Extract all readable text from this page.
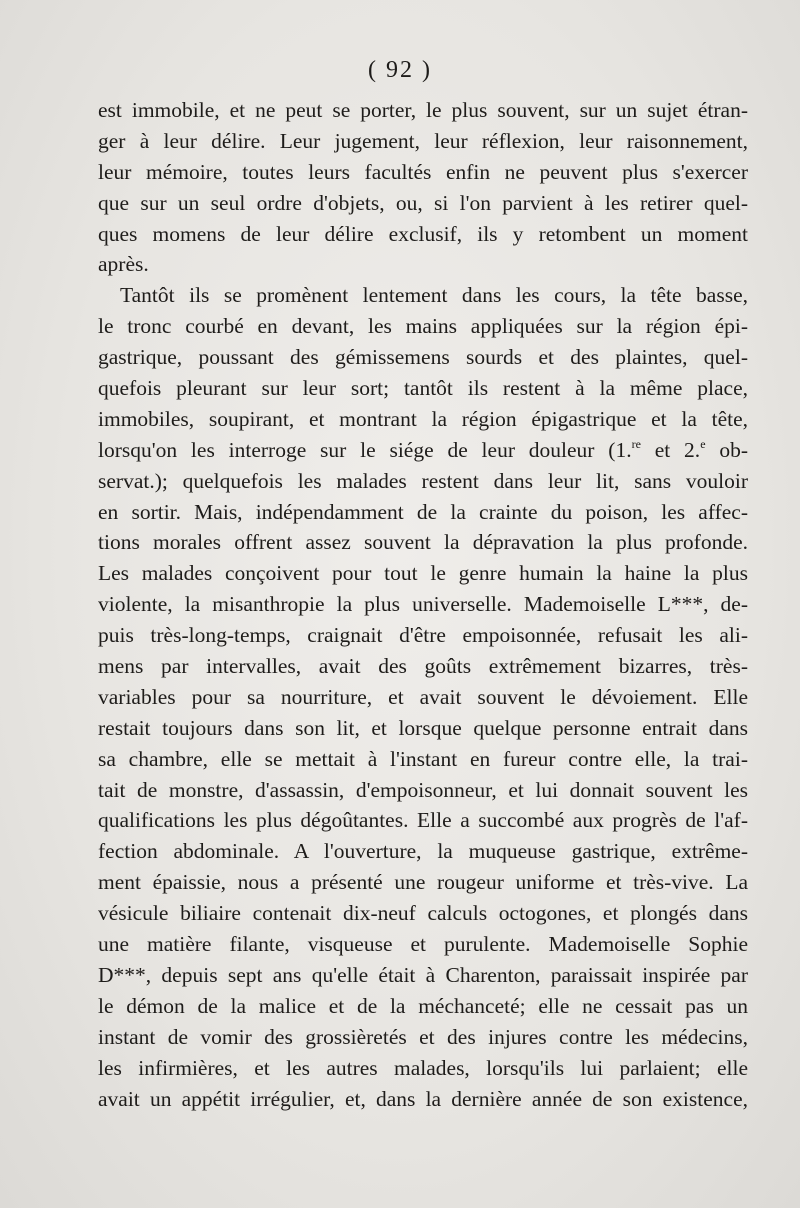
( 92 )
est immobile, et ne peut se porter, le plus souvent, sur un sujet étran-
ger à leur délire. Leur jugement, leur réflexion, leur raisonnement,
leur mémoire, toutes leurs facultés enfin ne peuvent plus s'exercer
que sur un seul ordre d'objets, ou, si l'on parvient à les retirer quel-
ques momens de leur délire exclusif, ils y retombent un moment
après.
Tantôt ils se promènent lentement dans les cours, la tête basse,
le tronc courbé en devant, les mains appliquées sur la région épi-
gastrique, poussant des gémissemens sourds et des plaintes, quel-
quefois pleurant sur leur sort; tantôt ils restent à la même place,
immobiles, soupirant, et montrant la région épigastrique et la tête,
lorsqu'on les interroge sur le siége de leur douleur (1.$^{re}$ et 2.$^e$ ob-
servat.); quelquefois les malades restent dans leur lit, sans vouloir
en sortir. Mais, indépendamment de la crainte du poison, les affec-
tions morales offrent assez souvent la dépravation la plus profonde.
Les malades conçoivent pour tout le genre humain la haine la plus
violente, la misanthropie la plus universelle. Mademoiselle L***, de-
puis très-long-temps, craignait d'être empoisonnée, refusait les ali-
mens par intervalles, avait des goûts extrêmement bizarres, très-
variables pour sa nourriture, et avait souvent le dévoiement. Elle
restait toujours dans son lit, et lorsque quelque personne entrait dans
sa chambre, elle se mettait à l'instant en fureur contre elle, la trai-
tait de monstre, d'assassin, d'empoisonneur, et lui donnait souvent les
qualifications les plus dégoûtantes. Elle a succombé aux progrès de l'af-
fection abdominale. A l'ouverture, la muqueuse gastrique, extrême-
ment épaissie, nous a présenté une rougeur uniforme et très-vive. La
vésicule biliaire contenait dix-neuf calculs octogones, et plongés dans
une matière filante, visqueuse et purulente. Mademoiselle Sophie
D***, depuis sept ans qu'elle était à Charenton, paraissait inspirée par
le démon de la malice et de la méchanceté; elle ne cessait pas un
instant de vomir des grossièretés et des injures contre les médecins,
les infirmières, et les autres malades, lorsqu'ils lui parlaient; elle
avait un appétit irrégulier, et, dans la dernière année de son existence,
